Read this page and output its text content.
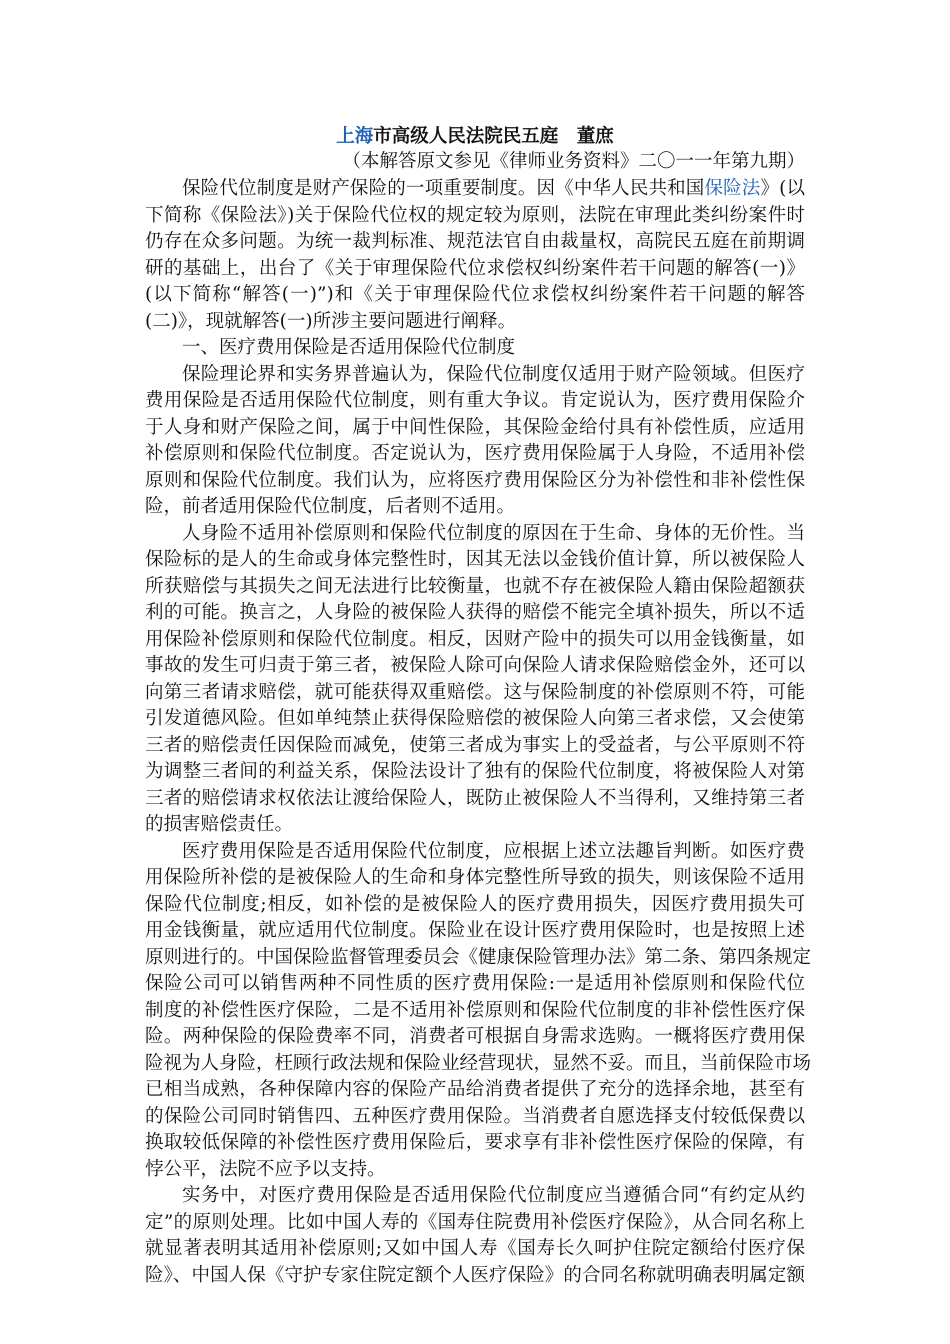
上海市高级人民法院民五庭　董庶
（本解答原文参见《律师业务资料》二〇一一年第九期）
保险代位制度是财产保险的一项重要制度。因《中华人民共和国保险法》(以
下简称《保险法》)关于保险代位权的规定较为原则，法院在审理此类纠纷案件时
仍存在众多问题。为统一裁判标准、规范法官自由裁量权，高院民五庭在前期调
研的基础上，出台了《关于审理保险代位求偿权纠纷案件若干问题的解答(一)》
(以下简称“解答(一)”)和《关于审理保险代位求偿权纠纷案件若干问题的解答
(二)》，现就解答(一)所涉主要问题进行阐释。
一、医疗费用保险是否适用保险代位制度
保险理论界和实务界普遍认为，保险代位制度仅适用于财产险领域。但医疗
费用保险是否适用保险代位制度，则有重大争议。肯定说认为，医疗费用保险介
于人身和财产保险之间，属于中间性保险，其保险金给付具有补偿性质，应适用
补偿原则和保险代位制度。否定说认为，医疗费用保险属于人身险，不适用补偿
原则和保险代位制度。我们认为，应将医疗费用保险区分为补偿性和非补偿性保
险，前者适用保险代位制度，后者则不适用。
人身险不适用补偿原则和保险代位制度的原因在于生命、身体的无价性。当
保险标的是人的生命或身体完整性时，因其无法以金钱价值计算，所以被保险人
所获赔偿与其损失之间无法进行比较衡量，也就不存在被保险人籍由保险超额获
利的可能。换言之，人身险的被保险人获得的赔偿不能完全填补损失，所以不适
用保险补偿原则和保险代位制度。相反，因财产险中的损失可以用金钱衡量，如
事故的发生可归责于第三者，被保险人除可向保险人请求保险赔偿金外，还可以
向第三者请求赔偿，就可能获得双重赔偿。这与保险制度的补偿原则不符，可能
引发道德风险。但如单纯禁止获得保险赔偿的被保险人向第三者求偿，又会使第
三者的赔偿责任因保险而减免，使第三者成为事实上的受益者，与公平原则不符
为调整三者间的利益关系，保险法设计了独有的保险代位制度，将被保险人对第
三者的赔偿请求权依法让渡给保险人，既防止被保险人不当得利，又维持第三者
的损害赔偿责任。
医疗费用保险是否适用保险代位制度，应根据上述立法趣旨判断。如医疗费
用保险所补偿的是被保险人的生命和身体完整性所导致的损失，则该保险不适用
保险代位制度;相反，如补偿的是被保险人的医疗费用损失，因医疗费用损失可
用金钱衡量，就应适用代位制度。保险业在设计医疗费用保险时，也是按照上述
原则进行的。中国保险监督管理委员会《健康保险管理办法》第二条、第四条规定
保险公司可以销售两种不同性质的医疗费用保险:一是适用补偿原则和保险代位
制度的补偿性医疗保险，二是不适用补偿原则和保险代位制度的非补偿性医疗保
险。两种保险的保险费率不同，消费者可根据自身需求选购。一概将医疗费用保
险视为人身险，枉顾行政法规和保险业经营现状，显然不妥。而且，当前保险市场
已相当成熟，各种保障内容的保险产品给消费者提供了充分的选择余地，甚至有
的保险公司同时销售四、五种医疗费用保险。当消费者自愿选择支付较低保费以
换取较低保障的补偿性医疗费用保险后，要求享有非补偿性医疗保险的保障，有
悖公平，法院不应予以支持。
实务中，对医疗费用保险是否适用保险代位制度应当遵循合同“有约定从约
定”的原则处理。比如中国人寿的《国寿住院费用补偿医疗保险》，从合同名称上
就显著表明其适用补偿原则;又如中国人寿《国寿长久呵护住院定额给付医疗保
险》、中国人保《守护专家住院定额个人医疗保险》的合同名称就明确表明属定额
